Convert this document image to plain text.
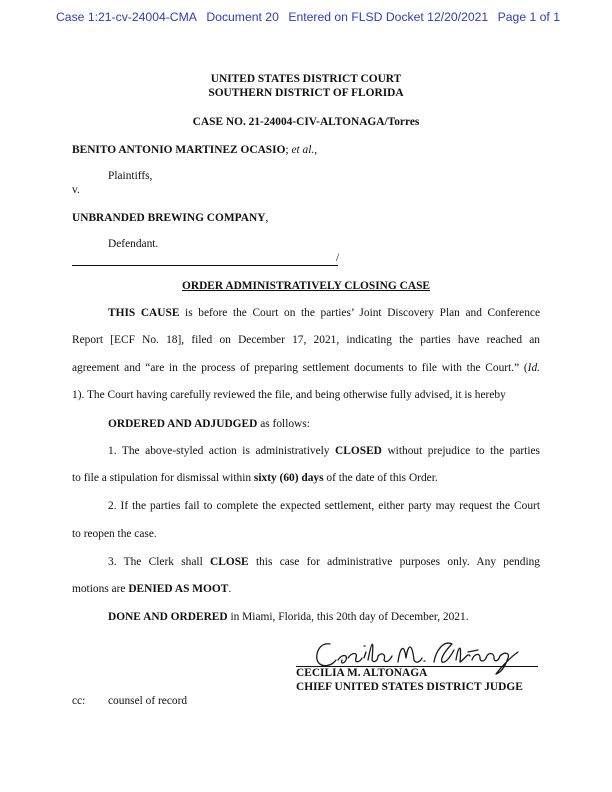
Case 1:21-cv-24004-CMA Document 20 Entered on FLSD Docket 12/20/2021 Page 1 of 1
UNITED STATES DISTRICT COURT
SOUTHERN DISTRICT OF FLORIDA
CASE NO. 21-24004-CIV-ALTONAGA/Torres
BENITO ANTONIO MARTINEZ OCASIO; et al.,
Plaintiffs,
v.
UNBRANDED BREWING COMPANY,
Defendant.
/
ORDER ADMINISTRATIVELY CLOSING CASE
THIS CAUSE is before the Court on the parties’ Joint Discovery Plan and Conference
Report [ECF No. 18], filed on December 17, 2021, indicating the parties have reached an
agreement and “are in the process of preparing settlement documents to file with the Court.” (Id.
1). The Court having carefully reviewed the file, and being otherwise fully advised, it is hereby
ORDERED AND ADJUDGED as follows:
1. The above-styled action is administratively CLOSED without prejudice to the parties
to file a stipulation for dismissal within sixty (60) days of the date of this Order.
2. If the parties fail to complete the expected settlement, either party may request the Court
to reopen the case.
3. The Clerk shall CLOSE this case for administrative purposes only. Any pending
motions are DENIED AS MOOT.
DONE AND ORDERED in Miami, Florida, this 20th day of December, 2021.
CECILIA M. ALTONAGA
CHIEF UNITED STATES DISTRICT JUDGE
cc: counsel of record
